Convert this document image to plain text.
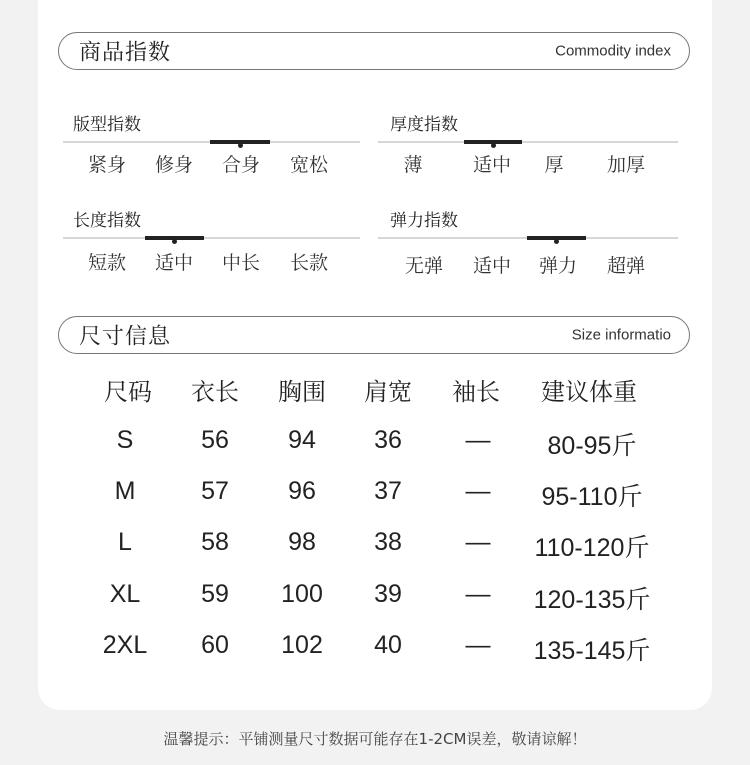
商品指数	Commodity index
版型指数
紧身	修身	合身	宽松
厚度指数
薄	适中	厚	加厚
长度指数
短款	适中	中长	长款
弹力指数
无弹	适中	弹力	超弹
尺寸信息	Size informatio
尺码	衣长	胸围	肩宽	袖长	建议体重
S	56	94	36	—	80-95斤
M	57	96	37	—	95-110斤
L	58	98	38	—	110-120斤
XL	59	100	39	—	120-135斤
2XL	60	102	40	—	135-145斤
温馨提示：平铺测量尺寸数据可能存在1-2CM误差，敬请谅解！
